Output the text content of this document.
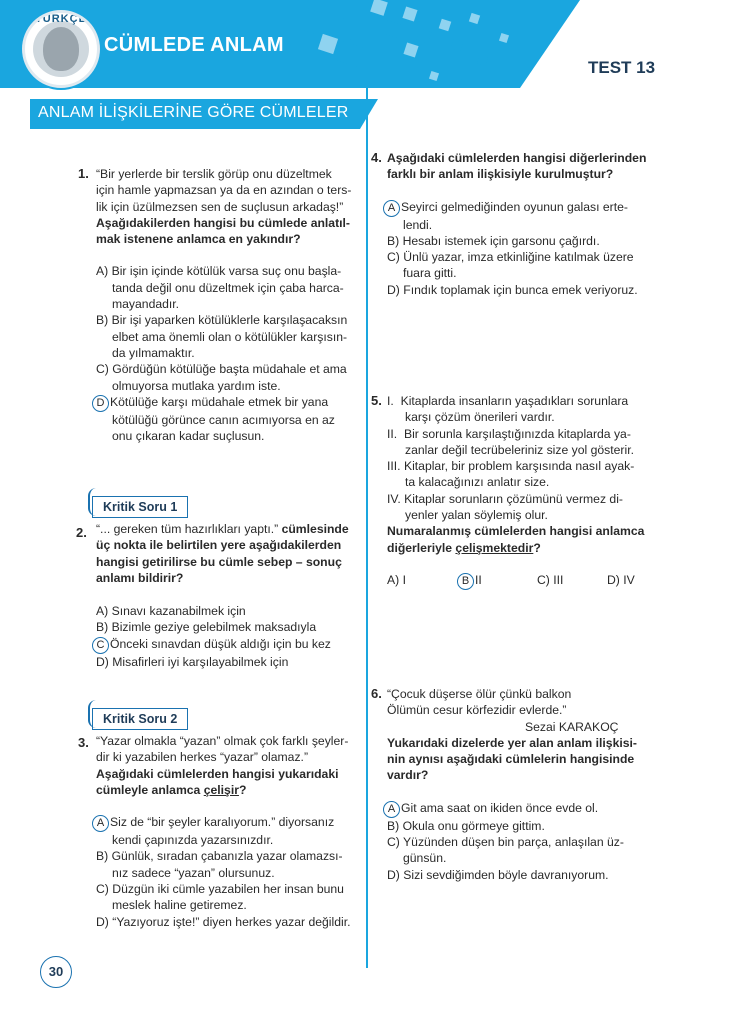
TÜRKÇE
CÜMLEDE ANLAM
TEST 13
ANLAM İLİŞKİLERİNE GÖRE CÜMLELER
1. “Bir yerlerde bir terslik görüp onu düzeltmek
için hamle yapmazsan ya da en azından o ters-
lik için üzülmezsen sen de suçlusun arkadaş!”
Aşağıdakilerden hangisi bu cümlede anlatıl-
mak istenene anlamca en yakındır?
A) Bir işin içinde kötülük varsa suç onu başla-
tanda değil onu düzeltmek için çaba harca-
mayandadır.
B) Bir işi yaparken kötülüklerle karşılaşacaksın
elbet ama önemli olan o kötülükler karşısın-
da yılmamaktır.
C) Gördüğün kötülüğe başta müdahale et ama
olmuyorsa mutlaka yardım iste.
D Kötülüğe karşı müdahale etmek bir yana
kötülüğü görünce canın acımıyorsa en az
onu çıkaran kadar suçlusun.
Kritik Soru 1
2. “... gereken tüm hazırlıkları yaptı.” cümlesinde
üç nokta ile belirtilen yere aşağıdakilerden
hangisi getirilirse bu cümle sebep – sonuç
anlamı bildirir?
A) Sınavı kazanabilmek için
B) Bizimle geziye gelebilmek maksadıyla
C Önceki sınavdan düşük aldığı için bu kez
D) Misafirleri iyi karşılayabilmek için
Kritik Soru 2
3. “Yazar olmakla “yazan” olmak çok farklı şeyler-
dir ki yazabilen herkes “yazar” olamaz.”
Aşağıdaki cümlelerden hangisi yukarıdaki
cümleyle anlamca çelişir?
A Siz de “bir şeyler karalıyorum.” diyorsanız
kendi çapınızda yazarsınızdır.
B) Günlük, sıradan çabanızla yazar olamazsı-
nız sadece “yazan” olursunuz.
C) Düzgün iki cümle yazabilen her insan bunu
meslek haline getiremez.
D) “Yazıyoruz işte!” diyen herkes yazar değildir.
4. Aşağıdaki cümlelerden hangisi diğerlerinden
farklı bir anlam ilişkisiyle kurulmuştur?
A Seyirci gelmediğinden oyunun galası erte-
lendi.
B) Hesabı istemek için garsonu çağırdı.
C) Ünlü yazar, imza etkinliğine katılmak üzere
fuara gitti.
D) Fındık toplamak için bunca emek veriyoruz.
5. I. Kitaplarda insanların yaşadıkları sorunlara
karşı çözüm önerileri vardır.
II. Bir sorunla karşılaştığınızda kitaplarda ya-
zanlar değil tecrübeleriniz size yol gösterir.
III. Kitaplar, bir problem karşısında nasıl ayak-
ta kalacağınızı anlatır size.
IV. Kitaplar sorunların çözümünü vermez di-
yenler yalan söylemiş olur.
Numaralanmış cümlelerden hangisi anlamca
diğerleriyle çelişmektedir?
A) I	B II	C) III	D) IV
6. “Çocuk düşerse ölür çünkü balkon
Ölümün cesur körfezidir evlerde.”
Sezai KARAKOÇ
Yukarıdaki dizelerde yer alan anlam ilişkisi-
nin aynısı aşağıdaki cümlelerin hangisinde
vardır?
A Git ama saat on ikiden önce evde ol.
B) Okula onu görmeye gittim.
C) Yüzünden düşen bin parça, anlaşılan üz-
günsün.
D) Sizi sevdiğimden böyle davranıyorum.
30
